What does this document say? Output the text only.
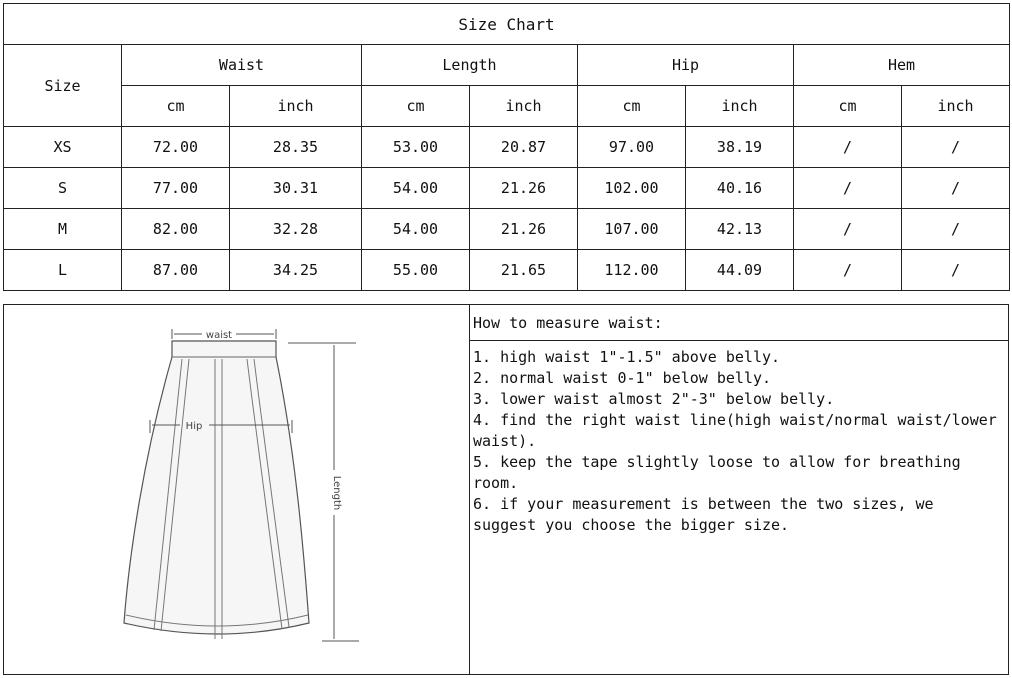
Size Chart								
Size	Waist		Length		Hip		Hem	
	cm	inch	cm	inch	cm	inch	cm	inch
XS	72.00	28.35	53.00	20.87	97.00	38.19	/	/
S	77.00	30.31	54.00	21.26	102.00	40.16	/	/
M	82.00	32.28	54.00	21.26	107.00	42.13	/	/
L	87.00	34.25	55.00	21.65	112.00	44.09	/	/
waist
Hip
Length
How to measure waist:
1. high waist 1"-1.5" above belly.
2. normal waist 0-1" below belly.
3. lower waist almost 2"-3" below belly.
4. find the right waist line(high waist/normal waist/lower waist).
5. keep the tape slightly loose to allow for breathing room.
6. if your measurement is between the two sizes, we suggest you choose the bigger size.
